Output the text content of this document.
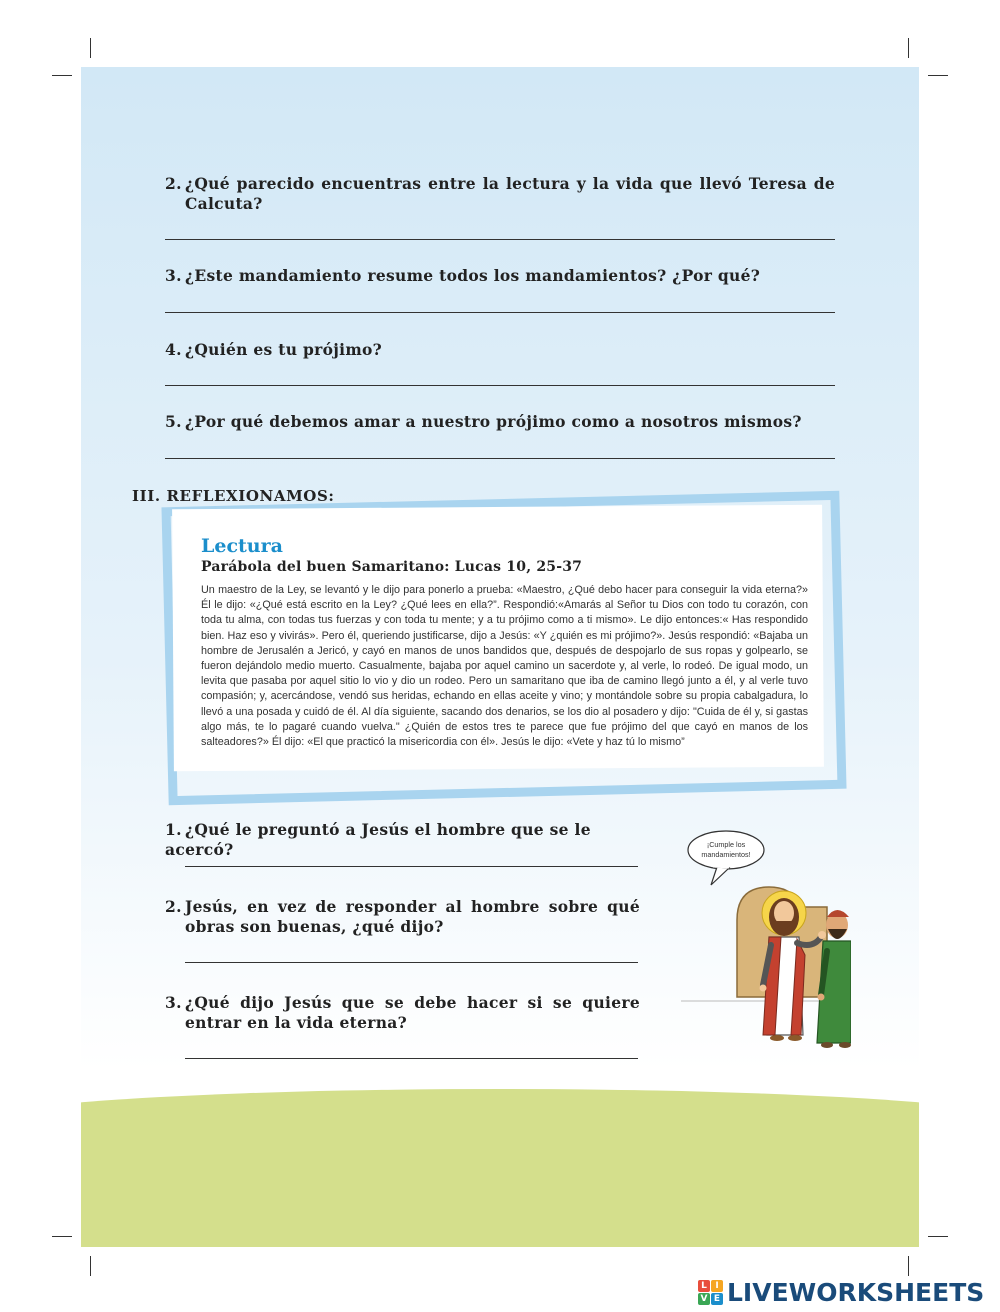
2. ¿Qué parecido encuentras entre la lectura y la vida que llevó Teresa de Calcuta?
3. ¿Este mandamiento resume todos los mandamientos? ¿Por qué?
4. ¿Quién es tu prójimo?
5. ¿Por qué debemos amar a nuestro prójimo como a nosotros mismos?
III. REFLEXIONAMOS:
Lectura
Parábola del buen Samaritano: Lucas 10, 25-37
Un maestro de la Ley, se levantó y le dijo para ponerlo a prueba: «Maestro, ¿Qué debo hacer para conseguir la vida eterna?» Él le dijo: «¿Qué está escrito en la Ley? ¿Qué lees en ella?”. Respondió:«Amarás al Señor tu Dios con todo tu corazón, con toda tu alma, con todas tus fuerzas y con toda tu mente; y a tu prójimo como a ti mismo». Le dijo entonces:« Has respondido bien. Haz eso y vivirás». Pero él, queriendo justificarse, dijo a Jesús: «Y ¿quién es mi prójimo?». Jesús respondió: «Bajaba un hombre de Jerusalén a Jericó, y cayó en manos de unos bandidos que, después de despojarlo de sus ropas y golpearlo, se fueron dejándolo medio muerto. Casualmente, bajaba por aquel camino un sacerdote y, al verle, lo rodeó. De igual modo, un levita que pasaba por aquel sitio lo vio y dio un rodeo. Pero un samaritano que iba de camino llegó junto a él, y al verle tuvo compasión; y, acercándose, vendó sus heridas, echando en ellas aceite y vino; y montándole sobre su propia cabalgadura, lo llevó a una posada y cuidó de él. Al día siguiente, sacando dos denarios, se los dio al posadero y dijo: "Cuida de él y, si gastas algo más, te lo pagaré cuando vuelva." ¿Quién de estos tres te parece que fue prójimo del que cayó en manos de los salteadores?» Él dijo: «El que practicó la misericordia con él». Jesús le dijo: «Vete y haz tú lo mismo”
1. ¿Qué le preguntó a Jesús el hombre que se le acercó?
2. Jesús, en vez de responder al hombre sobre qué obras son buenas, ¿qué dijo?
3. ¿Qué dijo Jesús que se debe hacer si se quiere entrar en la vida eterna?
¡Cumple los
mandamientos!
L I
V E LIVEWORKSHEETS
